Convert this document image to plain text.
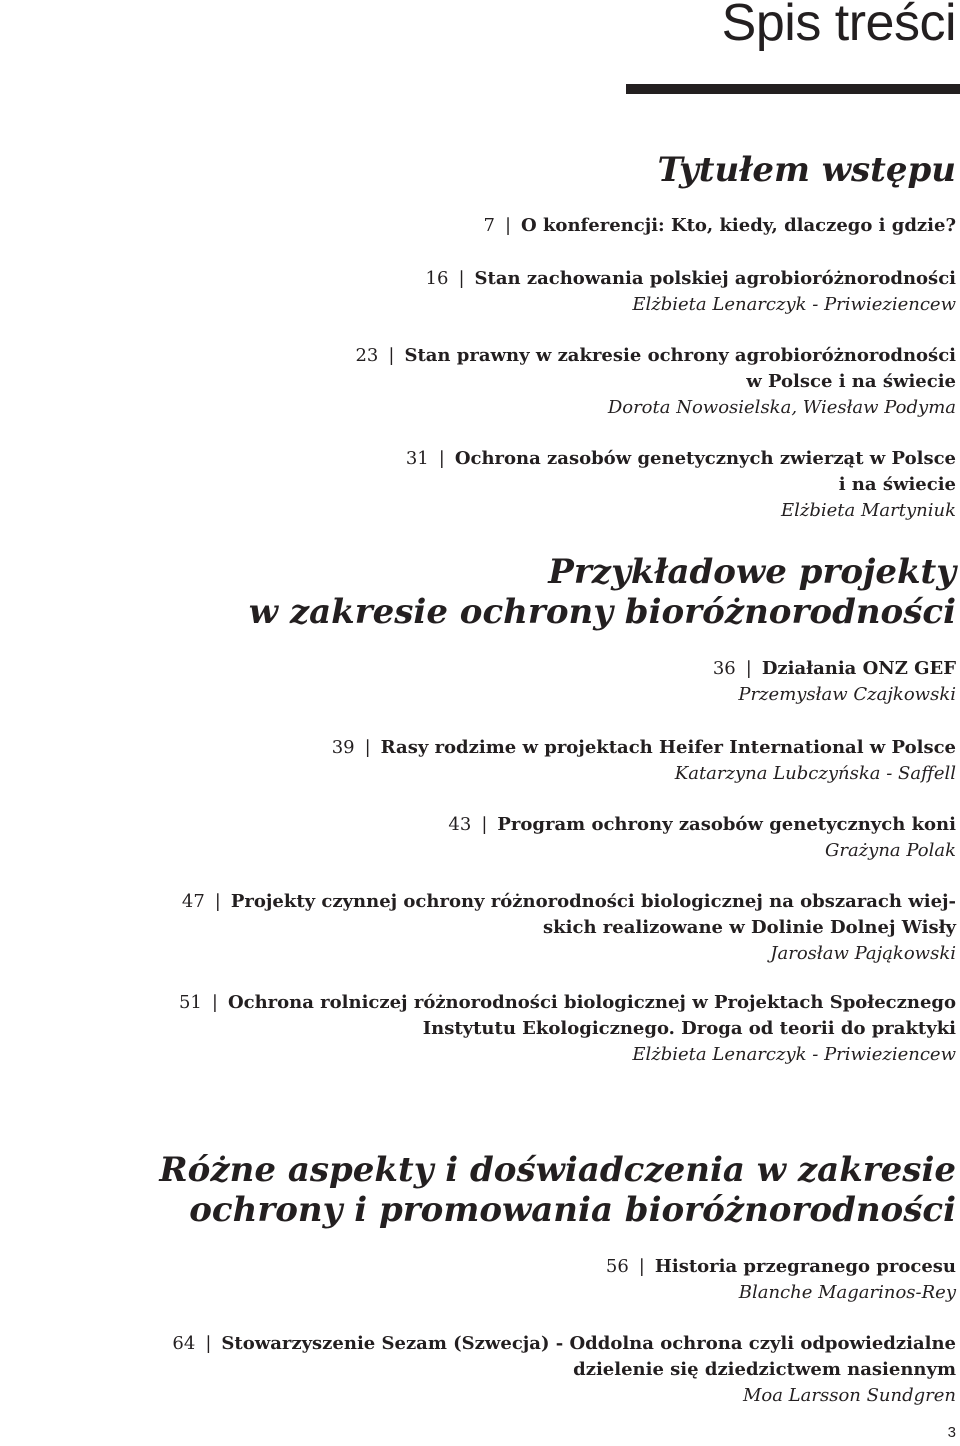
Spis treści
Tytułem wstępu
7 | O konferencji: Kto, kiedy, dlaczego i gdzie?
16 | Stan zachowania polskiej agrobioróżnorodności
Elżbieta Lenarczyk - Priwieziencew
23 | Stan prawny w zakresie ochrony agrobioróżnorodności
w Polsce i na świecie
Dorota Nowosielska, Wiesław Podyma
31 | Ochrona zasobów genetycznych zwierząt w Polsce
i na świecie
Elżbieta Martyniuk
Przykładowe projekty
w zakresie ochrony bioróżnorodności
36 | Działania ONZ GEF
Przemysław Czajkowski
39 | Rasy rodzime w projektach Heifer International w Polsce
Katarzyna Lubczyńska - Saffell
43 | Program ochrony zasobów genetycznych koni
Grażyna Polak
47 | Projekty czynnej ochrony różnorodności biologicznej na obszarach wiej-
skich realizowane w Dolinie Dolnej Wisły
Jarosław Pająkowski
51 | Ochrona rolniczej różnorodności biologicznej w Projektach Społecznego
Instytutu Ekologicznego. Droga od teorii do praktyki
Elżbieta Lenarczyk - Priwieziencew
Różne aspekty i doświadczenia w zakresie
ochrony i promowania bioróżnorodności
56 | Historia przegranego procesu
Blanche Magarinos-Rey
64 | Stowarzyszenie Sezam (Szwecja) - Oddolna ochrona czyli odpowiedzialne
dzielenie się dziedzictwem nasiennym
Moa Larsson Sundgren
3
